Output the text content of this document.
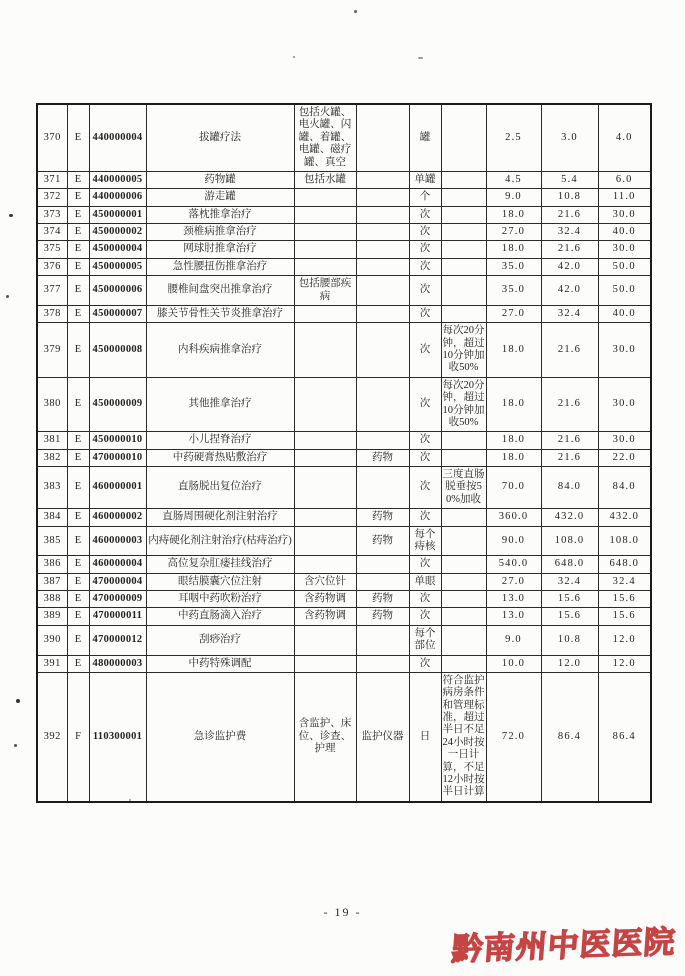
370	E	440000004	拔罐疗法	包括火罐、电火罐、闪罐、着罐、电罐、磁疗罐、真空		罐		2.5	3.0	4.0
371	E	440000005	药物罐	包括水罐		单罐		4.5	5.4	6.0
372	E	440000006	游走罐			个		9.0	10.8	11.0
373	E	450000001	落枕推拿治疗			次		18.0	21.6	30.0
374	E	450000002	颈椎病推拿治疗			次		27.0	32.4	40.0
375	E	450000004	网球肘推拿治疗			次		18.0	21.6	30.0
376	E	450000005	急性腰扭伤推拿治疗			次		35.0	42.0	50.0
377	E	450000006	腰椎间盘突出推拿治疗	包括腰部疾病		次		35.0	42.0	50.0
378	E	450000007	膝关节骨性关节炎推拿治疗			次		27.0	32.4	40.0
379	E	450000008	内科疾病推拿治疗			次	每次20分钟，超过10分钟加收50%	18.0	21.6	30.0
380	E	450000009	其他推拿治疗			次	每次20分钟，超过10分钟加收50%	18.0	21.6	30.0
381	E	450000010	小儿捏脊治疗			次		18.0	21.6	30.0
382	E	470000010	中药硬膏热贴敷治疗		药物	次		18.0	21.6	22.0
383	E	460000001	直肠脱出复位治疗			次	三度直肠脱垂按50%加收	70.0	84.0	84.0
384	E	460000002	直肠周围硬化剂注射治疗		药物	次		360.0	432.0	432.0
385	E	460000003	内痔硬化剂注射治疗(枯痔治疗)		药物	每个痔核		90.0	108.0	108.0
386	E	460000004	高位复杂肛瘘挂线治疗			次		540.0	648.0	648.0
387	E	470000004	眼结膜囊穴位注射	含穴位针		单眼		27.0	32.4	32.4
388	E	470000009	耳咽中药吹粉治疗	含药物调	药物	次		13.0	15.6	15.6
389	E	470000011	中药直肠滴入治疗	含药物调	药物	次		13.0	15.6	15.6
390	E	470000012	刮痧治疗			每个部位		9.0	10.8	12.0
391	E	480000003	中药特殊调配			次		10.0	12.0	12.0
392	F	110300001	急诊监护费	含监护、床位、诊查、护理	监护仪器	日	符合监护病房条件和管理标准，超过半日不足24小时按一日计算，不足12小时按半日计算	72.0	86.4	86.4
- 19 -
黔南州中医医院
